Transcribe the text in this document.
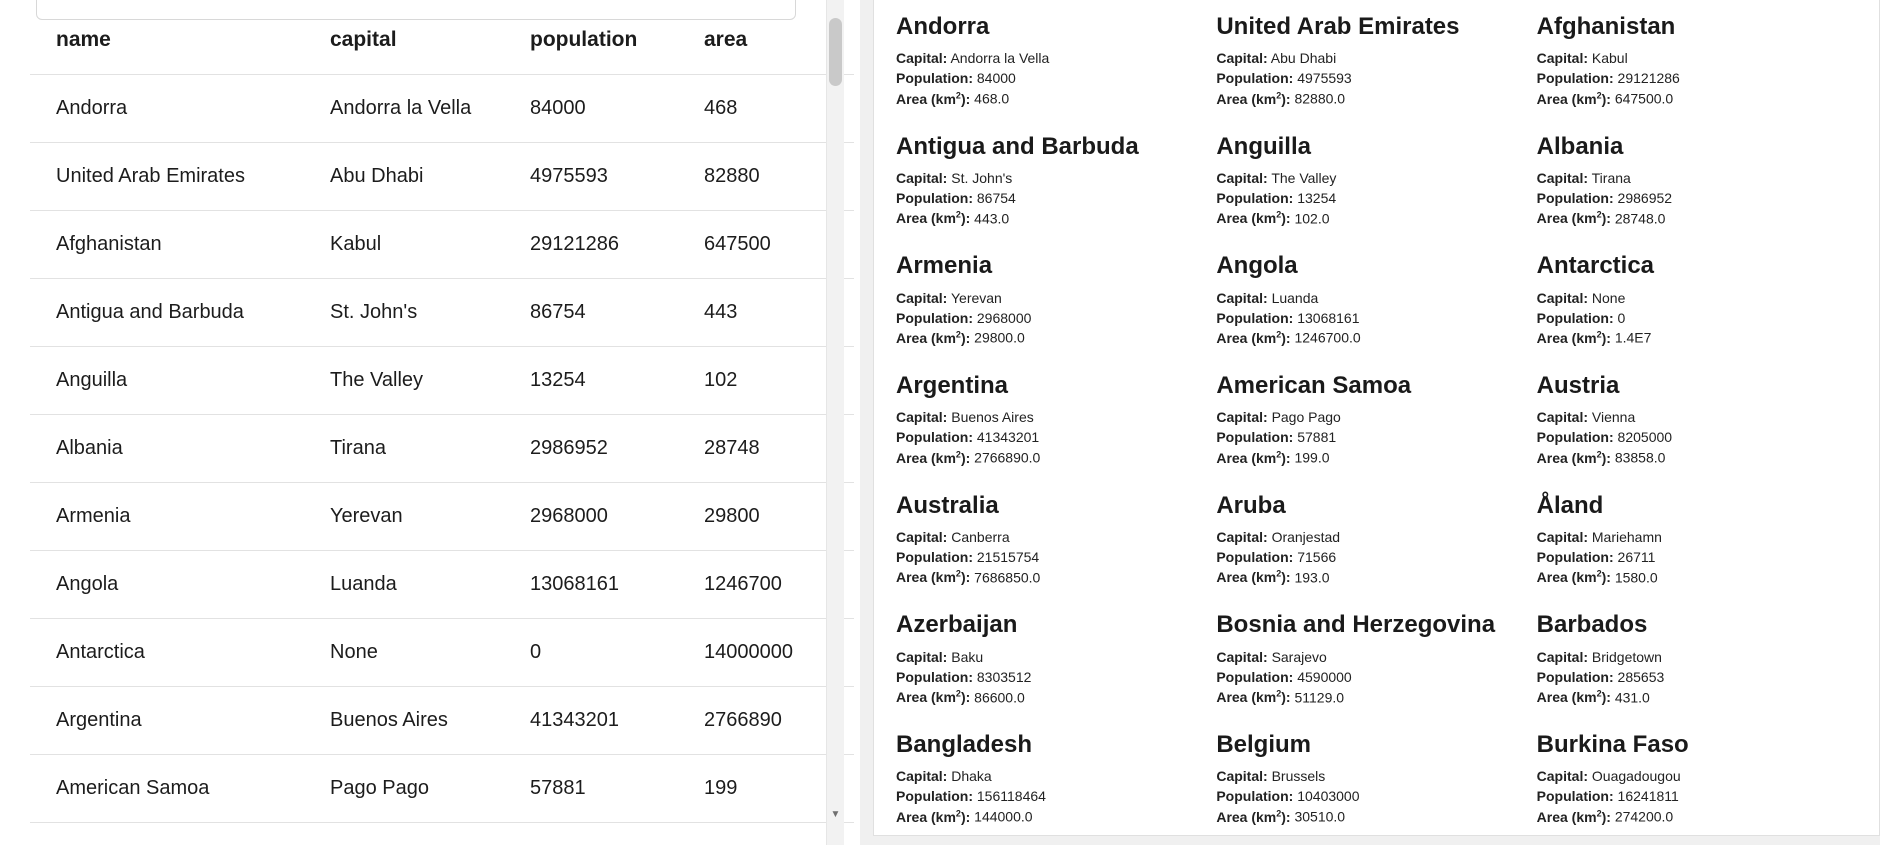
name	capital	population	area
Andorra	Andorra la Vella	84000	468
United Arab Emirates	Abu Dhabi	4975593	82880
Afghanistan	Kabul	29121286	647500
Antigua and Barbuda	St. John's	86754	443
Anguilla	The Valley	13254	102
Albania	Tirana	2986952	28748
Armenia	Yerevan	2968000	29800
Angola	Luanda	13068161	1246700
Antarctica	None	0	14000000
Argentina	Buenos Aires	41343201	2766890
American Samoa	Pago Pago	57881	199
▼
Andorra
Capital: Andorra la Vella
Population: 84000
Area $(km^2)$: 468.0
United Arab Emirates
Capital: Abu Dhabi
Population: 4975593
Area $(km^2)$: 82880.0
Afghanistan
Capital: Kabul
Population: 29121286
Area $(km^2)$: 647500.0
Antigua and Barbuda
Capital: St. John's
Population: 86754
Area $(km^2)$: 443.0
Anguilla
Capital: The Valley
Population: 13254
Area $(km^2)$: 102.0
Albania
Capital: Tirana
Population: 2986952
Area $(km^2)$: 28748.0
Armenia
Capital: Yerevan
Population: 2968000
Area $(km^2)$: 29800.0
Angola
Capital: Luanda
Population: 13068161
Area $(km^2)$: 1246700.0
Antarctica
Capital: None
Population: 0
Area $(km^2)$: 1.4E7
Argentina
Capital: Buenos Aires
Population: 41343201
Area $(km^2)$: 2766890.0
American Samoa
Capital: Pago Pago
Population: 57881
Area $(km^2)$: 199.0
Austria
Capital: Vienna
Population: 8205000
Area $(km^2)$: 83858.0
Australia
Capital: Canberra
Population: 21515754
Area $(km^2)$: 7686850.0
Aruba
Capital: Oranjestad
Population: 71566
Area $(km^2)$: 193.0
Åland
Capital: Mariehamn
Population: 26711
Area $(km^2)$: 1580.0
Azerbaijan
Capital: Baku
Population: 8303512
Area $(km^2)$: 86600.0
Bosnia and Herzegovina
Capital: Sarajevo
Population: 4590000
Area $(km^2)$: 51129.0
Barbados
Capital: Bridgetown
Population: 285653
Area $(km^2)$: 431.0
Bangladesh
Capital: Dhaka
Population: 156118464
Area $(km^2)$: 144000.0
Belgium
Capital: Brussels
Population: 10403000
Area $(km^2)$: 30510.0
Burkina Faso
Capital: Ouagadougou
Population: 16241811
Area $(km^2)$: 274200.0
